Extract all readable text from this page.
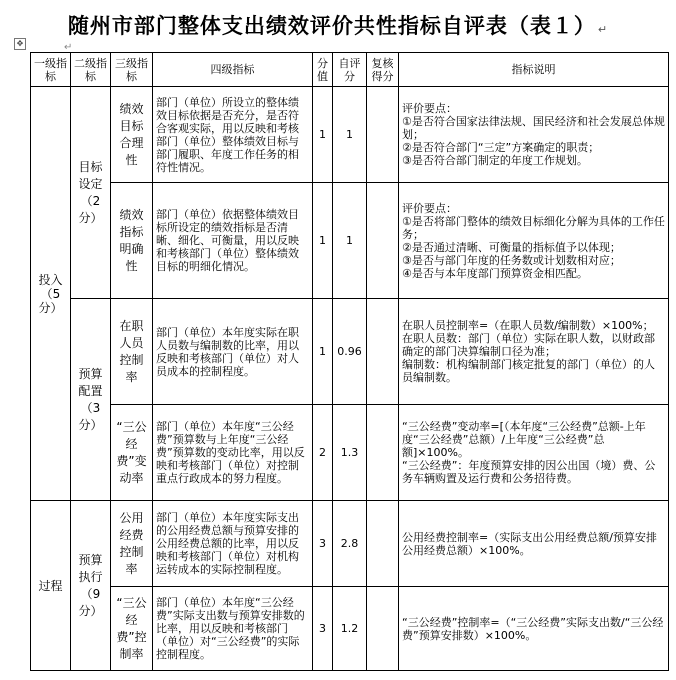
随州市部门整体支出绩效评价共性指标自评表（表１） ↵
✥	↵
一级指标	二级指标	三级指标	四级指标	分值	自评分	复核得分	指标说明
投入（5分）	目标设定（2分）	绩效目标合理性	部门（单位）所设立的整体绩效目标依据是否充分，是否符合客观实际，用以反映和考核部门（单位）整体绩效目标与部门履职、年度工作任务的相符性情况。	1	1		评价要点：
①是否符合国家法律法规、国民经济和社会发展总体规划；
②是否符合部门“三定”方案确定的职责；
③是否符合部门制定的年度工作规划。

		绩效指标明确性	部门（单位）依据整体绩效目标所设定的绩效指标是否清晰、细化、可衡量，用以反映和考核部门（单位）整体绩效目标的明细化情况。	1	1		评价要点：
①是否将部门整体的绩效目标细化分解为具体的工作任务；
②是否通过清晰、可衡量的指标值予以体现；
③是否与部门年度的任务数或计划数相对应；
④是否与本年度部门预算资金相匹配。

	预算配置（3分）	在职人员控制率	部门（单位）本年度实际在职人员数与编制数的比率，用以反映和考核部门（单位）对人员成本的控制程度。	1	0.96		在职人员控制率=（在职人员数/编制数）×100%；
在职人员数：部门（单位）实际在职人数，以财政部确定的部门决算编制口径为准；
编制数：机构编制部门核定批复的部门（单位）的人员编制数。

		“三公经费”变动率	部门（单位）本年度“三公经费”预算数与上年度“三公经费”预算数的变动比率，用以反映和考核部门（单位）对控制重点行政成本的努力程度。	2	1.3		“三公经费”变动率=[（本年度“三公经费”总额-上年度“三公经费”总额）/上年度“三公经费”总额]×100%。
“三公经费”：年度预算安排的因公出国（境）费、公务车辆购置及运行费和公务招待费。

过程	预算执行（9分）	公用经费控制率	部门（单位）本年度实际支出的公用经费总额与预算安排的公用经费总额的比率，用以反映和考核部门（单位）对机构运转成本的实际控制程度。	3	2.8		公用经费控制率=（实际支出公用经费总额/预算安排公用经费总额）×100%。

		“三公经费”控制率	部门（单位）本年度“三公经费”实际支出数与预算安排数的比率，用以反映和考核部门（单位）对“三公经费”的实际控制程度。	3	1.2		“三公经费”控制率=（“三公经费”实际支出数/“三公经费”预算安排数）×100%。
